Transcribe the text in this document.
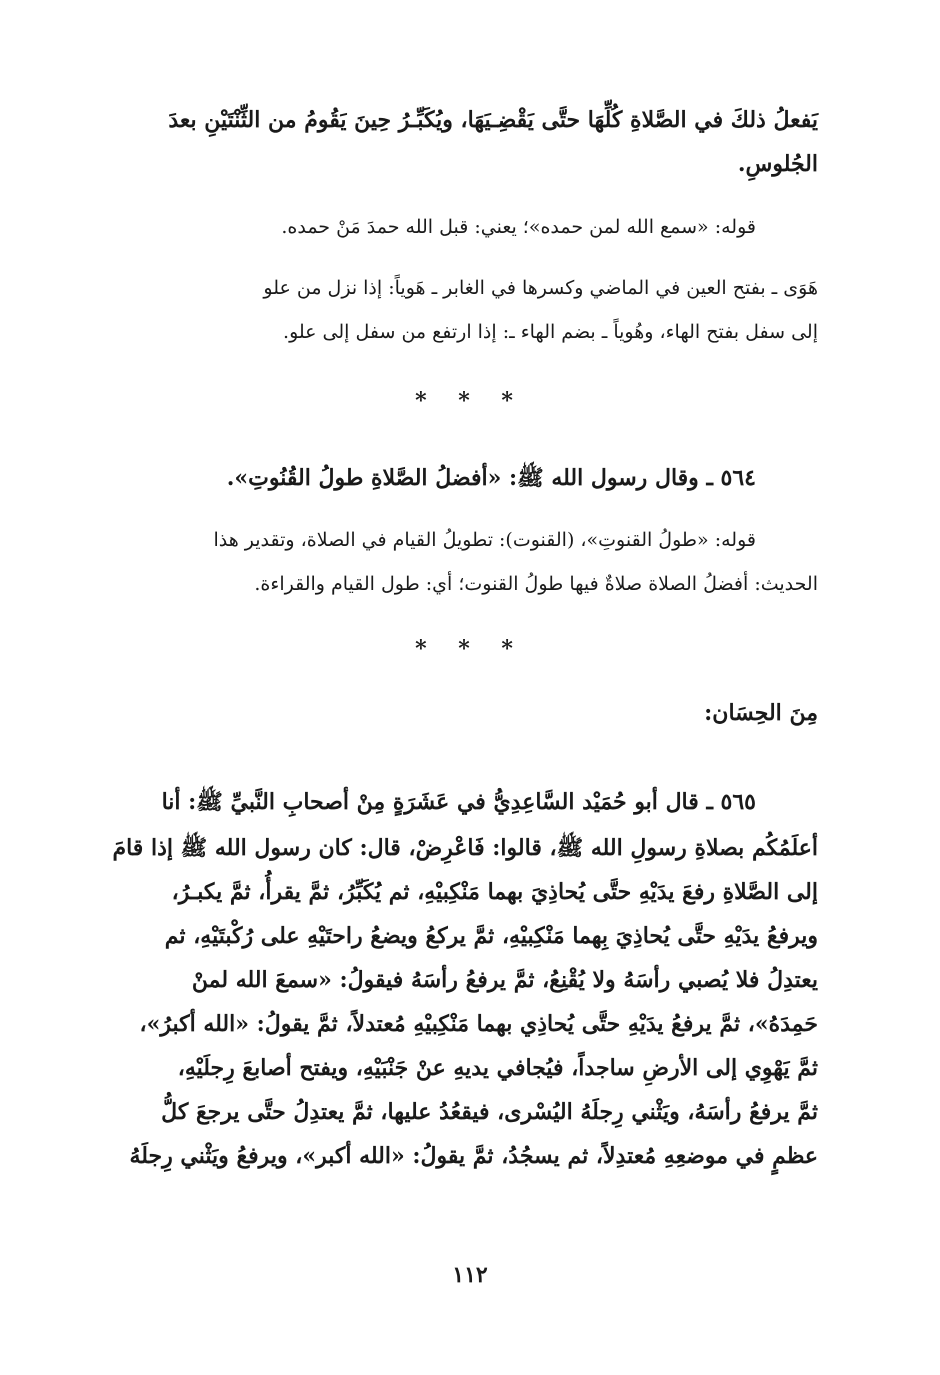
يَفعلُ ذلكَ في الصَّلاةِ كُلِّهَا حتَّى يَقْضِـيَهَا، ويُكَبِّـرُ حِينَ يَقُومُ من الثِّنْتَيْنِ بعدَ
الجُلوسِ.
قوله: «سمع الله لمن حمده»؛ يعني: قبل الله حمدَ مَنْ حمده.
هَوَى ـ بفتح العين في الماضي وكسرها في الغابر ـ هَوياً: إذا نزل من علو
إلى سفل بفتح الهاء، وهُوياً ـ بضم الهاء ـ: إذا ارتفع من سفل إلى علو.
* * *
٥٦٤ ـ وقال رسول الله ﷺ: «أفضلُ الصَّلاةِ طولُ القُنُوتِ».
قوله: «طولُ القنوتِ»، (القنوت): تطويلُ القيام في الصلاة، وتقدير هذا
الحديث: أفضلُ الصلاة صلاةٌ فيها طولُ القنوت؛ أي: طول القيام والقراءة.
* * *
مِنَ الحِسَان:
٥٦٥ ـ قال أبو حُمَيْد السَّاعِدِيُّ في عَشَرَةٍ مِنْ أصحابِ النَّبيِّ ﷺ: أنا
أعلَمُكُم بصلاةِ رسولِ الله ﷺ، قالوا: فَاعْرِضْ، قال: كان رسول الله ﷺ إذا قامَ
إلى الصَّلاةِ رفعَ يدَيْهِ حتَّى يُحاذِيَ بهما مَنْكِبيْهِ، ثم يُكَبِّرُ، ثمَّ يقرأُ، ثمَّ يكبـرُ،
ويرفعُ يدَيْهِ حتَّى يُحاذِيَ بِهما مَنْكِبيْهِ، ثمَّ يركعُ ويضعُ راحتَيْهِ على رُكْبتَيْهِ، ثم
يعتدِلُ فلا يُصبي رأسَهُ ولا يُقْنِعُ، ثمَّ يرفعُ رأسَهُ فيقولُ: «سمعَ الله لمنْ
حَمِدَهُ»، ثمَّ يرفعُ يدَيْهِ حتَّى يُحاذِي بهما مَنْكِبيْهِ مُعتدلاً، ثمَّ يقولُ: «الله أكبرُ»،
ثمَّ يَهْوِي إلى الأرضِ ساجداً، فيُجافي يديهِ عنْ جَنْبَيْهِ، ويفتح أصابعَ رِجلَيْهِ،
ثمَّ يرفعُ رأسَهُ، ويَثْني رِجلَهُ اليُسْرى، فيقعُدُ عليها، ثمَّ يعتدِلُ حتَّى يرجعَ كلُّ
عظمٍ في موضعِهِ مُعتدِلاً، ثم يسجُدُ، ثمَّ يقولُ: «الله أكبر»، ويرفعُ ويَثْني رِجلَهُ
١١٢
